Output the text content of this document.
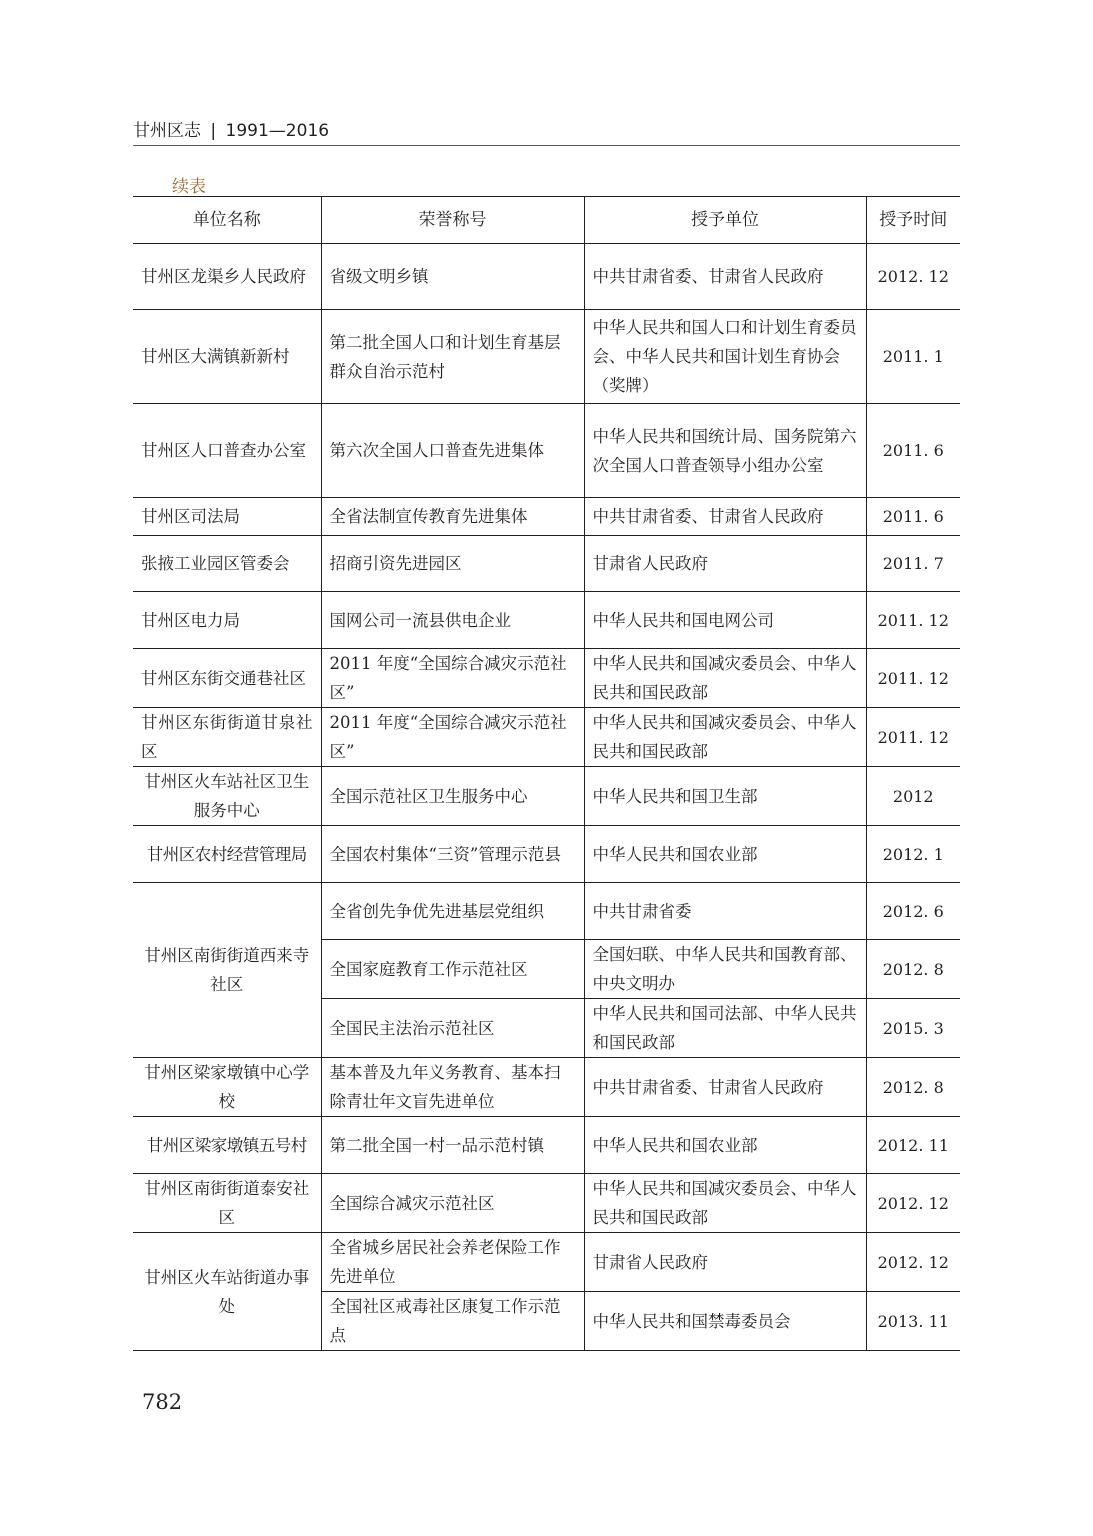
甘州区志 | 1991—2016
续表
单位名称	荣誉称号	授予单位	授予时间
甘州区龙渠乡人民政府	省级文明乡镇	中共甘肃省委、甘肃省人民政府	2012. 12
甘州区大满镇新新村	第二批全国人口和计划生育基层群众自治示范村	中华人民共和国人口和计划生育委员会、中华人民共和国计划生育协会（奖牌）	2011. 1
甘州区人口普查办公室	第六次全国人口普查先进集体	中华人民共和国统计局、国务院第六次全国人口普查领导小组办公室	2011. 6
甘州区司法局	全省法制宣传教育先进集体	中共甘肃省委、甘肃省人民政府	2011. 6
张掖工业园区管委会	招商引资先进园区	甘肃省人民政府	2011. 7
甘州区电力局	国网公司一流县供电企业	中华人民共和国电网公司	2011. 12
甘州区东街交通巷社区	2011 年度“全国综合减灾示范社区”	中华人民共和国减灾委员会、中华人民共和国民政部	2011. 12
甘州区东街街道甘泉社区	2011 年度“全国综合减灾示范社区”	中华人民共和国减灾委员会、中华人民共和国民政部	2011. 12
甘州区火车站社区卫生服务中心	全国示范社区卫生服务中心	中华人民共和国卫生部	2012
甘州区农村经营管理局	全国农村集体“三资”管理示范县	中华人民共和国农业部	2012. 1
甘州区南街街道西来寺社区	全省创先争优先进基层党组织	中共甘肃省委	2012. 6
	全国家庭教育工作示范社区	全国妇联、中华人民共和国教育部、中央文明办	2012. 8
	全国民主法治示范社区	中华人民共和国司法部、中华人民共和国民政部	2015. 3
甘州区梁家墩镇中心学校	基本普及九年义务教育、基本扫除青壮年文盲先进单位	中共甘肃省委、甘肃省人民政府	2012. 8
甘州区梁家墩镇五号村	第二批全国一村一品示范村镇	中华人民共和国农业部	2012. 11
甘州区南街街道泰安社区	全国综合减灾示范社区	中华人民共和国减灾委员会、中华人民共和国民政部	2012. 12
甘州区火车站街道办事处	全省城乡居民社会养老保险工作先进单位	甘肃省人民政府	2012. 12
	全国社区戒毒社区康复工作示范点	中华人民共和国禁毒委员会	2013. 11
782
